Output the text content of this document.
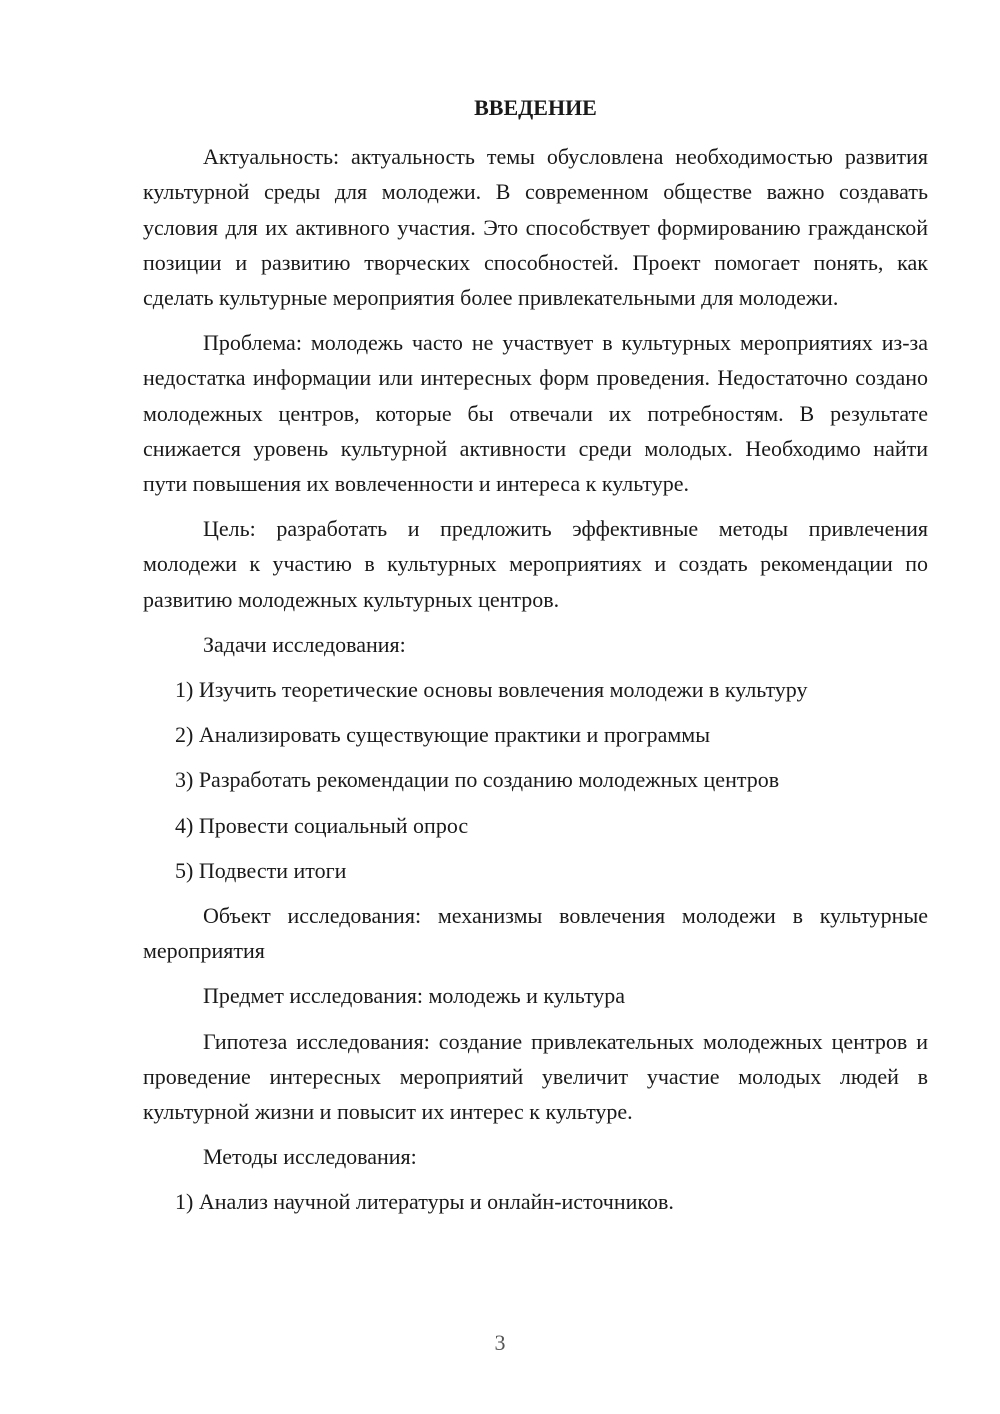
ВВЕДЕНИЕ

Актуальность: актуальность темы обусловлена необходимостью развития культурной среды для молодежи. В современном обществе важно создавать условия для их активного участия. Это способствует формированию гражданской позиции и развитию творческих способностей. Проект помогает понять, как сделать культурные мероприятия более привлекательными для молодежи.

Проблема: молодежь часто не участвует в культурных мероприятиях из-за недостатка информации или интересных форм проведения. Недостаточно создано молодежных центров, которые бы отвечали их потребностям. В результате снижается уровень культурной активности среди молодых. Необходимо найти пути повышения их вовлеченности и интереса к культуре.

Цель: разработать и предложить эффективные методы привлечения молодежи к участию в культурных мероприятиях и создать рекомендации по развитию молодежных культурных центров.

Задачи исследования:
1) Изучить теоретические основы вовлечения молодежи в культуру
2) Анализировать существующие практики и программы
3) Разработать рекомендации по созданию молодежных центров
4) Провести социальный опрос
5) Подвести итоги

Объект исследования: механизмы вовлечения молодежи в культурные мероприятия

Предмет исследования: молодежь и культура

Гипотеза исследования: создание привлекательных молодежных центров и проведение интересных мероприятий увеличит участие молодых людей в культурной жизни и повысит их интерес к культуре.

Методы исследования:
1) Анализ научной литературы и онлайн-источников.
3
